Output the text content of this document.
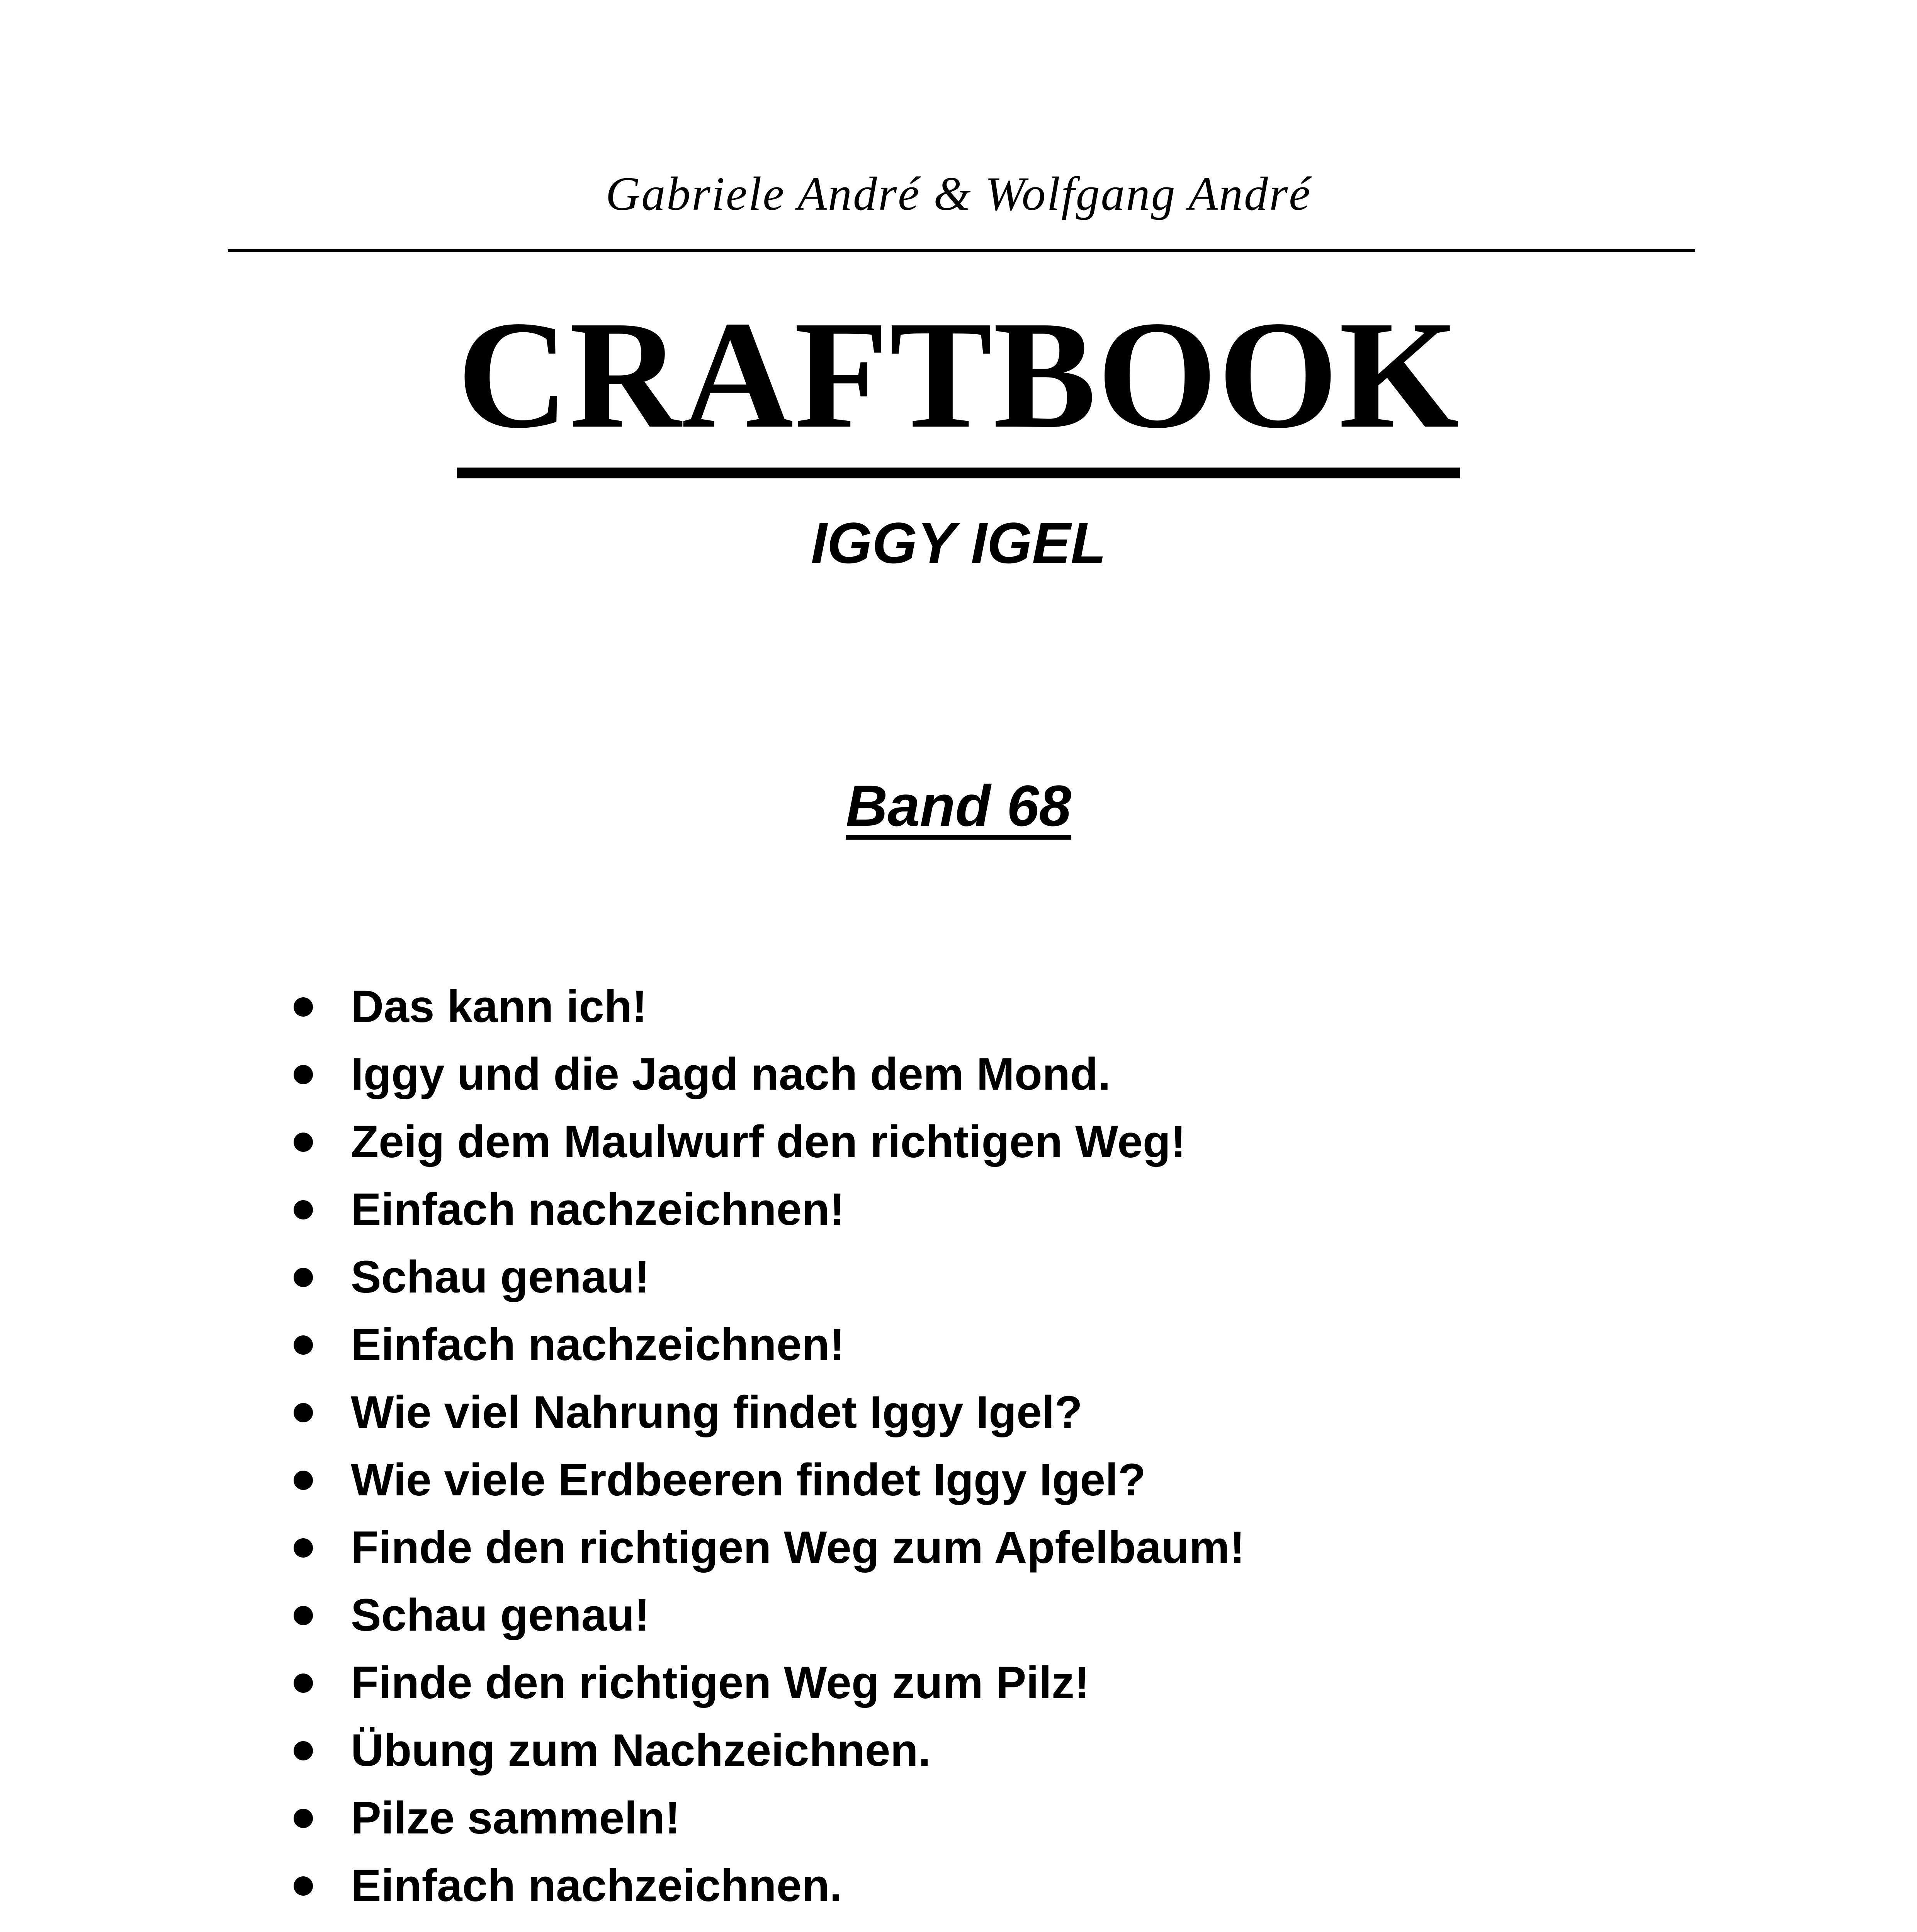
Gabriele André & Wolfgang André
CRAFTBOOK
IGGY IGEL
Band 68
Das kann ich!
Iggy und die Jagd nach dem Mond.
Zeig dem Maulwurf den richtigen Weg!
Einfach nachzeichnen!
Schau genau!
Einfach nachzeichnen!
Wie viel Nahrung findet Iggy Igel?
Wie viele Erdbeeren findet Iggy Igel?
Finde den richtigen Weg zum Apfelbaum!
Schau genau!
Finde den richtigen Weg zum Pilz!
Übung zum Nachzeichnen.
Pilze sammeln!
Einfach nachzeichnen.
